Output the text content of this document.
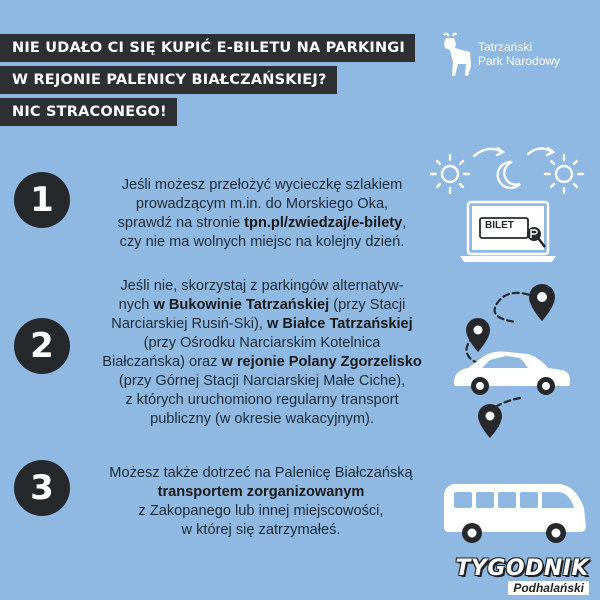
NIE UDAŁO CI SIĘ KUPIĆ E-BILETU NA PARKINGI
W REJONIE PALENICY BIAŁCZAŃSKIEJ?
NIC STRACONEGO!
Tatrzański
Park Narodowy
1	Jeśli możesz przełożyć wycieczkę szlakiem
prowadzącym m.in. do Morskiego Oka,
sprawdź na stronie tpn.pl/zwiedzaj/e-bilety,
czy nie ma wolnych miejsc na kolejny dzień.
2
Jeśli nie, skorzystaj z parkingów alternatyw-
nych w Bukowinie Tatrzańskiej (przy Stacji
Narciarskiej Rusiń-Ski), w Białce Tatrzańskiej
(przy Ośrodku Narciarskim Kotelnica
Białczańska) oraz w rejonie Polany Zgorzelisko
(przy Górnej Stacji Narciarskiej Małe Ciche),
z których uruchomiono regularny transport
publiczny (w okresie wakacyjnym).
3	Możesz także dotrzeć na Palenicę Białczańską
transportem zorganizowanym
z Zakopanego lub innej miejscowości,
w której się zatrzymałeś.
BILET
TYGODNIK
Podhalański
